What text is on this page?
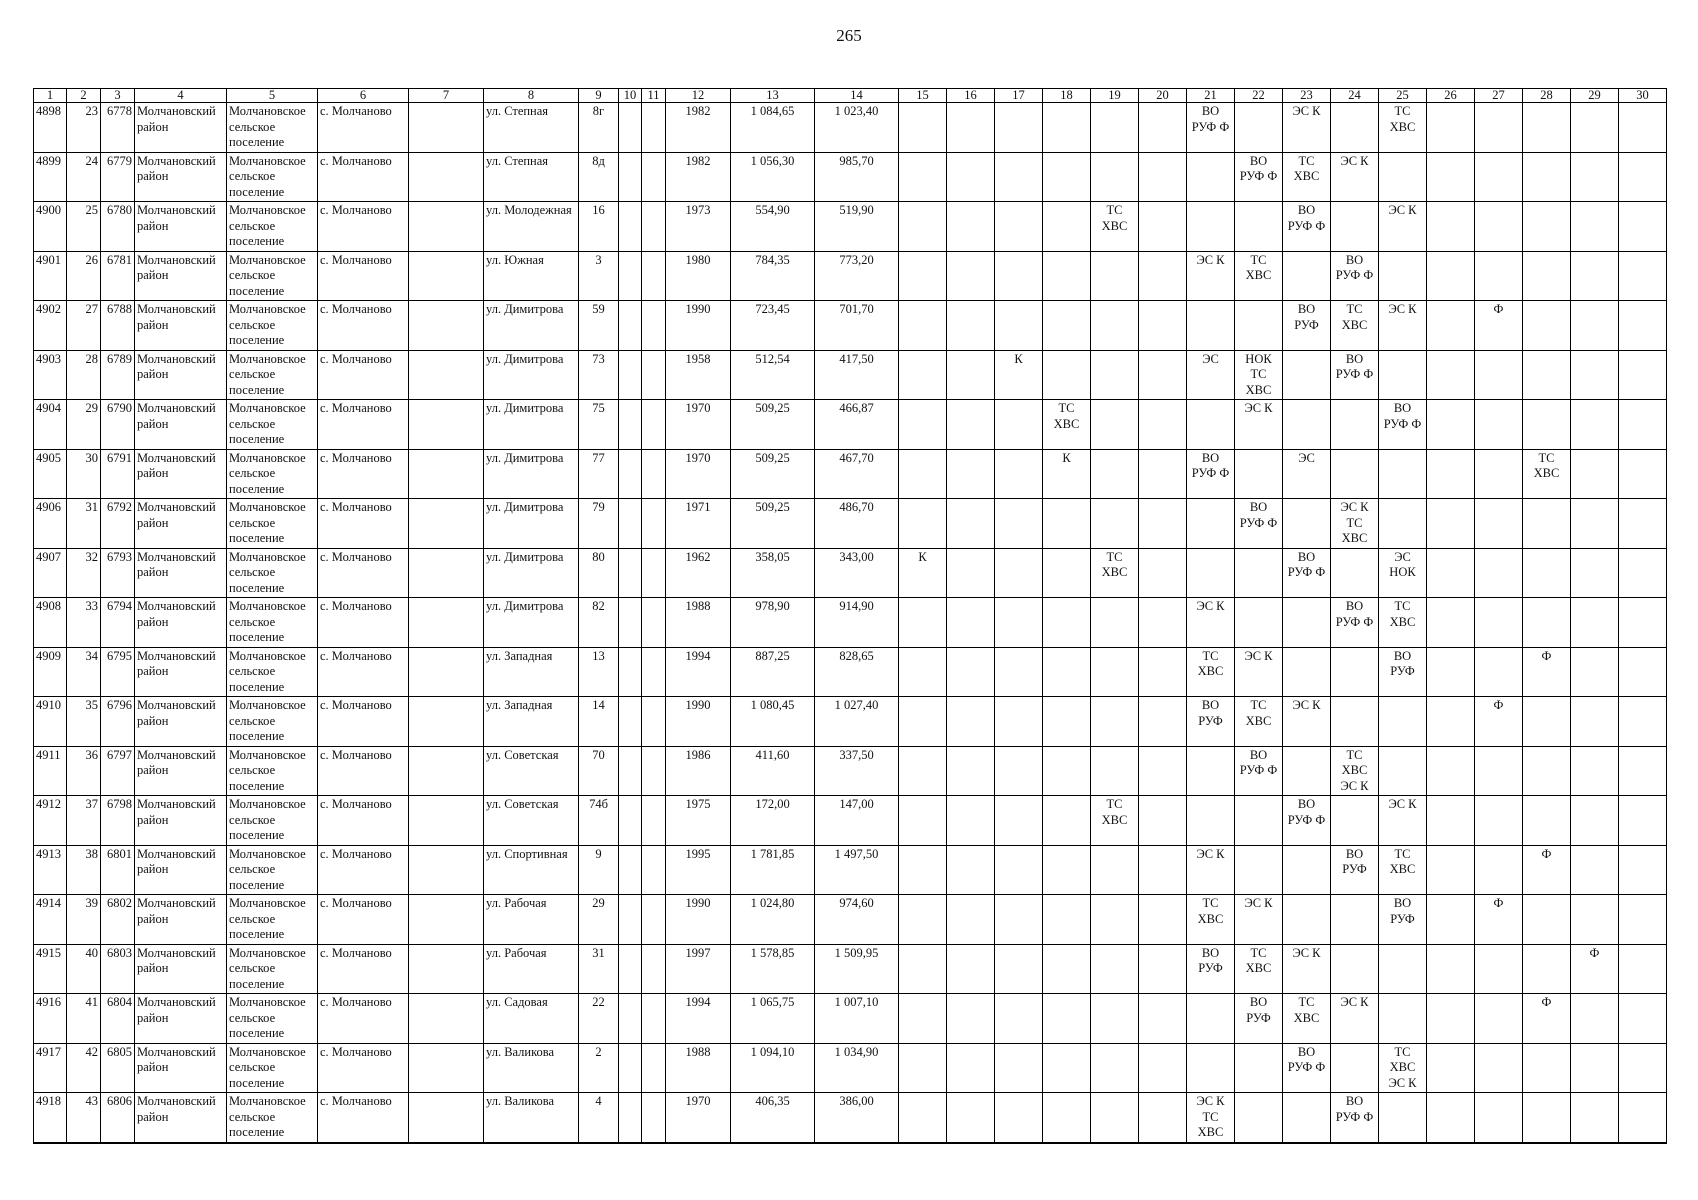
265
1	2	3	4	5	6	7	8	9	10	11	12	13	14	15	16	17	18	19	20	21	22	23	24	25	26	27	28	29	30
4898	23	6778	Молчановский район	Молчановское сельское поселение	с. Молчаново		ул. Степная	8г			1982	1 084,65	1 023,40							ВО РУФ Ф		ЭС К		ТС ХВС					
4899	24	6779	Молчановский район	Молчановское сельское поселение	с. Молчаново		ул. Степная	8д			1982	1 056,30	985,70								ВО РУФ Ф	ТС ХВС	ЭС К						
4900	25	6780	Молчановский район	Молчановское сельское поселение	с. Молчаново		ул. Молодежная	16			1973	554,90	519,90					ТС ХВС				ВО РУФ Ф		ЭС К					
4901	26	6781	Молчановский район	Молчановское сельское поселение	с. Молчаново		ул. Южная	3			1980	784,35	773,20							ЭС К	ТС ХВС		ВО РУФ Ф						
4902	27	6788	Молчановский район	Молчановское сельское поселение	с. Молчаново		ул. Димитрова	59			1990	723,45	701,70									ВО РУФ	ТС ХВС	ЭС К		Ф			
4903	28	6789	Молчановский район	Молчановское сельское поселение	с. Молчаново		ул. Димитрова	73			1958	512,54	417,50			К				ЭС	НОК ТС ХВС		ВО РУФ Ф						
4904	29	6790	Молчановский район	Молчановское сельское поселение	с. Молчаново		ул. Димитрова	75			1970	509,25	466,87				ТС ХВС				ЭС К			ВО РУФ Ф					
4905	30	6791	Молчановский район	Молчановское сельское поселение	с. Молчаново		ул. Димитрова	77			1970	509,25	467,70				К			ВО РУФ Ф		ЭС					ТС ХВС		
4906	31	6792	Молчановский район	Молчановское сельское поселение	с. Молчаново		ул. Димитрова	79			1971	509,25	486,70								ВО РУФ Ф		ЭС К ТС ХВС						
4907	32	6793	Молчановский район	Молчановское сельское поселение	с. Молчаново		ул. Димитрова	80			1962	358,05	343,00	К				ТС ХВС				ВО РУФ Ф		ЭС НОК					
4908	33	6794	Молчановский район	Молчановское сельское поселение	с. Молчаново		ул. Димитрова	82			1988	978,90	914,90							ЭС К			ВО РУФ Ф	ТС ХВС					
4909	34	6795	Молчановский район	Молчановское сельское поселение	с. Молчаново		ул. Западная	13			1994	887,25	828,65							ТС ХВС	ЭС К			ВО РУФ			Ф		
4910	35	6796	Молчановский район	Молчановское сельское поселение	с. Молчаново		ул. Западная	14			1990	1 080,45	1 027,40							ВО РУФ	ТС ХВС	ЭС К				Ф			
4911	36	6797	Молчановский район	Молчановское сельское поселение	с. Молчаново		ул. Советская	70			1986	411,60	337,50								ВО РУФ Ф		ТС ХВС ЭС К						
4912	37	6798	Молчановский район	Молчановское сельское поселение	с. Молчаново		ул. Советская	74б			1975	172,00	147,00					ТС ХВС				ВО РУФ Ф		ЭС К					
4913	38	6801	Молчановский район	Молчановское сельское поселение	с. Молчаново		ул. Спортивная	9			1995	1 781,85	1 497,50							ЭС К			ВО РУФ	ТС ХВС			Ф		
4914	39	6802	Молчановский район	Молчановское сельское поселение	с. Молчаново		ул. Рабочая	29			1990	1 024,80	974,60							ТС ХВС	ЭС К			ВО РУФ		Ф			
4915	40	6803	Молчановский район	Молчановское сельское поселение	с. Молчаново		ул. Рабочая	31			1997	1 578,85	1 509,95							ВО РУФ	ТС ХВС	ЭС К						Ф	
4916	41	6804	Молчановский район	Молчановское сельское поселение	с. Молчаново		ул. Садовая	22			1994	1 065,75	1 007,10								ВО РУФ	ТС ХВС	ЭС К				Ф		
4917	42	6805	Молчановский район	Молчановское сельское поселение	с. Молчаново		ул. Валикова	2			1988	1 094,10	1 034,90									ВО РУФ Ф		ТС ХВС ЭС К					
4918	43	6806	Молчановский район	Молчановское сельское поселение	с. Молчаново		ул. Валикова	4			1970	406,35	386,00							ЭС К ТС ХВС			ВО РУФ Ф						
